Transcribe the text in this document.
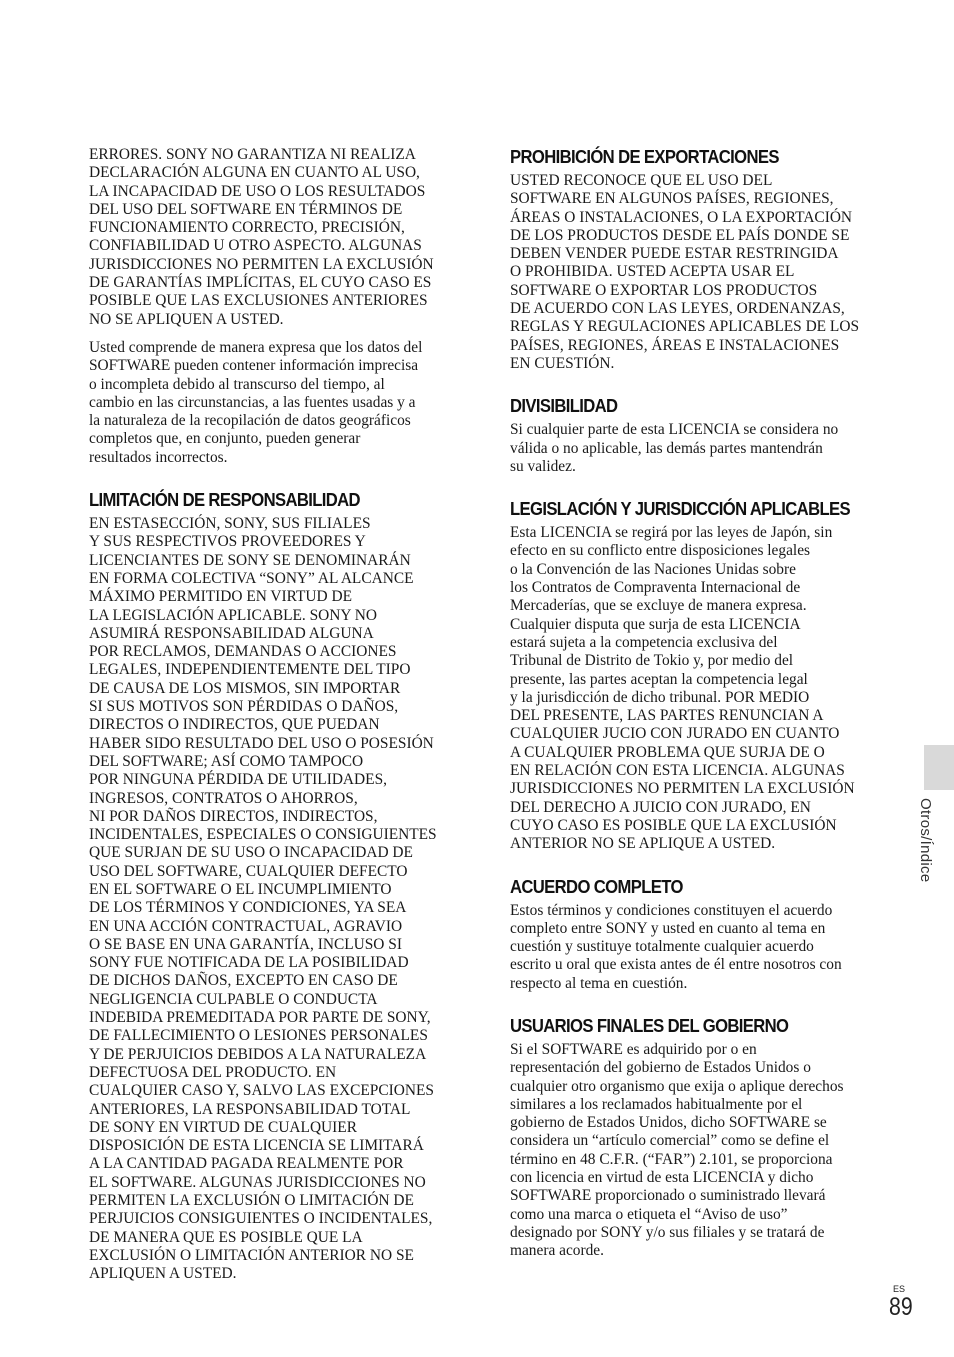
ERRORES. SONY NO GARANTIZA NI REALIZA
DECLARACIÓN ALGUNA EN CUANTO AL USO,
LA INCAPACIDAD DE USO O LOS RESULTADOS
DEL USO DEL SOFTWARE EN TÉRMINOS DE
FUNCIONAMIENTO CORRECTO, PRECISIÓN,
CONFIABILIDAD U OTRO ASPECTO. ALGUNAS
JURISDICCIONES NO PERMITEN LA EXCLUSIÓN
DE GARANTÍAS IMPLÍCITAS, EL CUYO CASO ES
POSIBLE QUE LAS EXCLUSIONES ANTERIORES
NO SE APLIQUEN A USTED.

Usted comprende de manera expresa que los datos del
SOFTWARE pueden contener información imprecisa
o incompleta debido al transcurso del tiempo, al
cambio en las circunstancias, a las fuentes usadas y a
la naturaleza de la recopilación de datos geográficos
completos que, en conjunto, pueden generar
resultados incorrectos.

LIMITACIÓN DE RESPONSABILIDAD

EN ESTASECCIÓN, SONY, SUS FILIALES
Y SUS RESPECTIVOS PROVEEDORES Y
LICENCIANTES DE SONY SE DENOMINARÁN
EN FORMA COLECTIVA “SONY” AL ALCANCE
MÁXIMO PERMITIDO EN VIRTUD DE
LA LEGISLACIÓN APLICABLE. SONY NO
ASUMIRÁ RESPONSABILIDAD ALGUNA
POR RECLAMOS, DEMANDAS O ACCIONES
LEGALES, INDEPENDIENTEMENTE DEL TIPO
DE CAUSA DE LOS MISMOS, SIN IMPORTAR
SI SUS MOTIVOS SON PÉRDIDAS O DAÑOS,
DIRECTOS O INDIRECTOS, QUE PUEDAN
HABER SIDO RESULTADO DEL USO O POSESIÓN
DEL SOFTWARE; ASÍ COMO TAMPOCO
POR NINGUNA PÉRDIDA DE UTILIDADES,
INGRESOS, CONTRATOS O AHORROS,
NI POR DAÑOS DIRECTOS, INDIRECTOS,
INCIDENTALES, ESPECIALES O CONSIGUIENTES
QUE SURJAN DE SU USO O INCAPACIDAD DE
USO DEL SOFTWARE, CUALQUIER DEFECTO
EN EL SOFTWARE O EL INCUMPLIMIENTO
DE LOS TÉRMINOS Y CONDICIONES, YA SEA
EN UNA ACCIÓN CONTRACTUAL, AGRAVIO
O SE BASE EN UNA GARANTÍA, INCLUSO SI
SONY FUE NOTIFICADA DE LA POSIBILIDAD
DE DICHOS DAÑOS, EXCEPTO EN CASO DE
NEGLIGENCIA CULPABLE O CONDUCTA
INDEBIDA PREMEDITADA POR PARTE DE SONY,
DE FALLECIMIENTO O LESIONES PERSONALES
Y DE PERJUICIOS DEBIDOS A LA NATURALEZA
DEFECTUOSA DEL PRODUCTO. EN
CUALQUIER CASO Y, SALVO LAS EXCEPCIONES
ANTERIORES, LA RESPONSABILIDAD TOTAL
DE SONY EN VIRTUD DE CUALQUIER
DISPOSICIÓN DE ESTA LICENCIA SE LIMITARÁ
A LA CANTIDAD PAGADA REALMENTE POR
EL SOFTWARE. ALGUNAS JURISDICCIONES NO
PERMITEN LA EXCLUSIÓN O LIMITACIÓN DE
PERJUICIOS CONSIGUIENTES O INCIDENTALES,
DE MANERA QUE ES POSIBLE QUE LA
EXCLUSIÓN O LIMITACIÓN ANTERIOR NO SE
APLIQUEN A USTED.

PROHIBICIÓN DE EXPORTACIONES

USTED RECONOCE QUE EL USO DEL
SOFTWARE EN ALGUNOS PAÍSES, REGIONES,
ÁREAS O INSTALACIONES, O LA EXPORTACIÓN
DE LOS PRODUCTOS DESDE EL PAÍS DONDE SE
DEBEN VENDER PUEDE ESTAR RESTRINGIDA
O PROHIBIDA. USTED ACEPTA USAR EL
SOFTWARE O EXPORTAR LOS PRODUCTOS
DE ACUERDO CON LAS LEYES, ORDENANZAS,
REGLAS Y REGULACIONES APLICABLES DE LOS
PAÍSES, REGIONES, ÁREAS E INSTALACIONES
EN CUESTIÓN.

DIVISIBILIDAD

Si cualquier parte de esta LICENCIA se considera no
válida o no aplicable, las demás partes mantendrán
su validez.

LEGISLACIÓN Y JURISDICCIÓN APLICABLES

Esta LICENCIA se regirá por las leyes de Japón, sin
efecto en su conflicto entre disposiciones legales
o la Convención de las Naciones Unidas sobre
los Contratos de Compraventa Internacional de
Mercaderías, que se excluye de manera expresa.
Cualquier disputa que surja de esta LICENCIA
estará sujeta a la competencia exclusiva del
Tribunal de Distrito de Tokio y, por medio del
presente, las partes aceptan la competencia legal
y la jurisdicción de dicho tribunal. POR MEDIO
DEL PRESENTE, LAS PARTES RENUNCIAN A
CUALQUIER JUCIO CON JURADO EN CUANTO
A CUALQUIER PROBLEMA QUE SURJA DE O
EN RELACIÓN CON ESTA LICENCIA. ALGUNAS
JURISDICCIONES NO PERMITEN LA EXCLUSIÓN
DEL DERECHO A JUICIO CON JURADO, EN
CUYO CASO ES POSIBLE QUE LA EXCLUSIÓN
ANTERIOR NO SE APLIQUE A USTED.

ACUERDO COMPLETO

Estos términos y condiciones constituyen el acuerdo
completo entre SONY y usted en cuanto al tema en
cuestión y sustituye totalmente cualquier acuerdo
escrito u oral que exista antes de él entre nosotros con
respecto al tema en cuestión.

USUARIOS FINALES DEL GOBIERNO

Si el SOFTWARE es adquirido por o en
representación del gobierno de Estados Unidos o
cualquier otro organismo que exija o aplique derechos
similares a los reclamados habitualmente por el
gobierno de Estados Unidos, dicho SOFTWARE se
considera un “artículo comercial” como se define el
término en 48 C.F.R. (“FAR”) 2.101, se proporciona
con licencia en virtud de esta LICENCIA y dicho
SOFTWARE proporcionado o suministrado llevará
como una marca o etiqueta el “Aviso de uso”
designado por SONY y/o sus filiales y se tratará de
manera acorde.

Otros/Índice
ES
89
